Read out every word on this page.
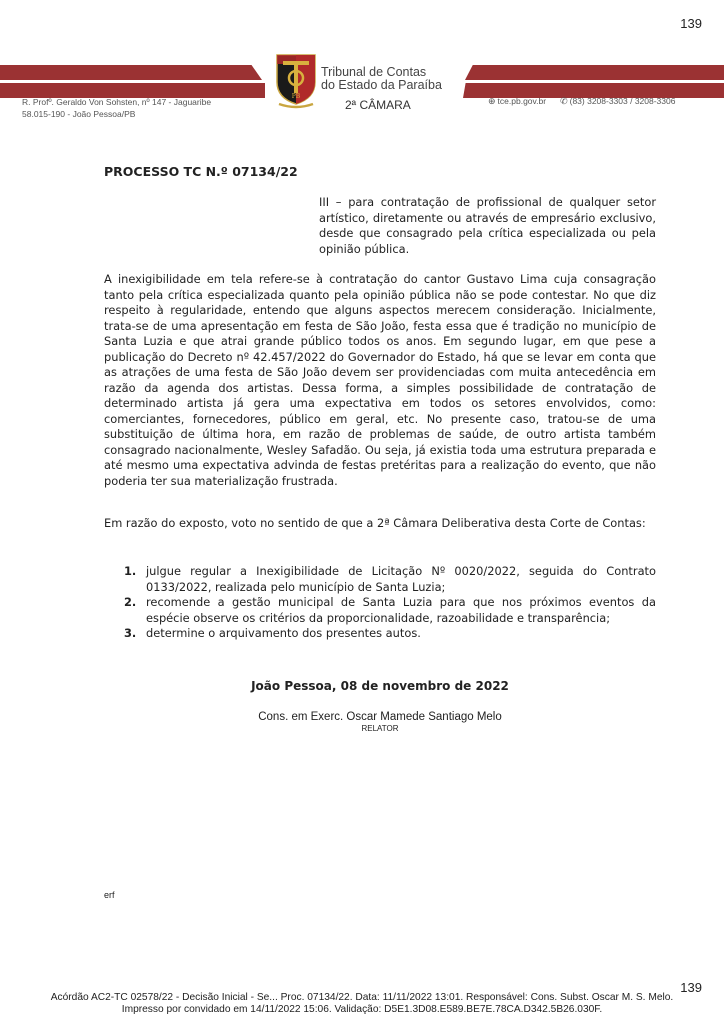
139
PB
Tribunal de Contas
do Estado da Paraíba
2ª CÂMARA
R. Profº. Geraldo Von Sohsten, nº 147 - Jaguaribe
58.015-190 - João Pessoa/PB
⊕ tce.pb.gov.br ✆ (83) 3208-3303 / 3208-3306
PROCESSO TC N.º 07134/22
III – para contratação de profissional de qualquer setor artístico, diretamente ou através de empresário exclusivo, desde que consagrado pela crítica especializada ou pela opinião pública.
A inexigibilidade em tela refere-se à contratação do cantor Gustavo Lima cuja consagração tanto pela crítica especializada quanto pela opinião pública não se pode contestar. No que diz respeito à regularidade, entendo que alguns aspectos merecem consideração. Inicialmente, trata-se de uma apresentação em festa de São João, festa essa que é tradição no município de Santa Luzia e que atrai grande público todos os anos. Em segundo lugar, em que pese a publicação do Decreto nº 42.457/2022 do Governador do Estado, há que se levar em conta que as atrações de uma festa de São João devem ser providenciadas com muita antecedência em razão da agenda dos artistas. Dessa forma, a simples possibilidade de contratação de determinado artista já gera uma expectativa em todos os setores envolvidos, como: comerciantes, fornecedores, público em geral, etc. No presente caso, tratou-se de uma substituição de última hora, em razão de problemas de saúde, de outro artista também consagrado nacionalmente, Wesley Safadão. Ou seja, já existia toda uma estrutura preparada e até mesmo uma expectativa advinda de festas pretéritas para a realização do evento, que não poderia ter sua materialização frustrada.
Em razão do exposto, voto no sentido de que a 2ª Câmara Deliberativa desta Corte de Contas:
1. julgue regular a Inexigibilidade de Licitação Nº 0020/2022, seguida do Contrato 0133/2022, realizada pelo município de Santa Luzia;
2. recomende a gestão municipal de Santa Luzia para que nos próximos eventos da espécie observe os critérios da proporcionalidade, razoabilidade e transparência;
3. determine o arquivamento dos presentes autos.
João Pessoa, 08 de novembro de 2022
Cons. em Exerc. Oscar Mamede Santiago Melo
RELATOR
erf
139
Acórdão AC2-TC 02578/22 - Decisão Inicial - Se... Proc. 07134/22. Data: 11/11/2022 13:01. Responsável: Cons. Subst. Oscar M. S. Melo.
Impresso por convidado em 14/11/2022 15:06. Validação: D5E1.3D08.E589.BE7E.78CA.D342.5B26.030F.
